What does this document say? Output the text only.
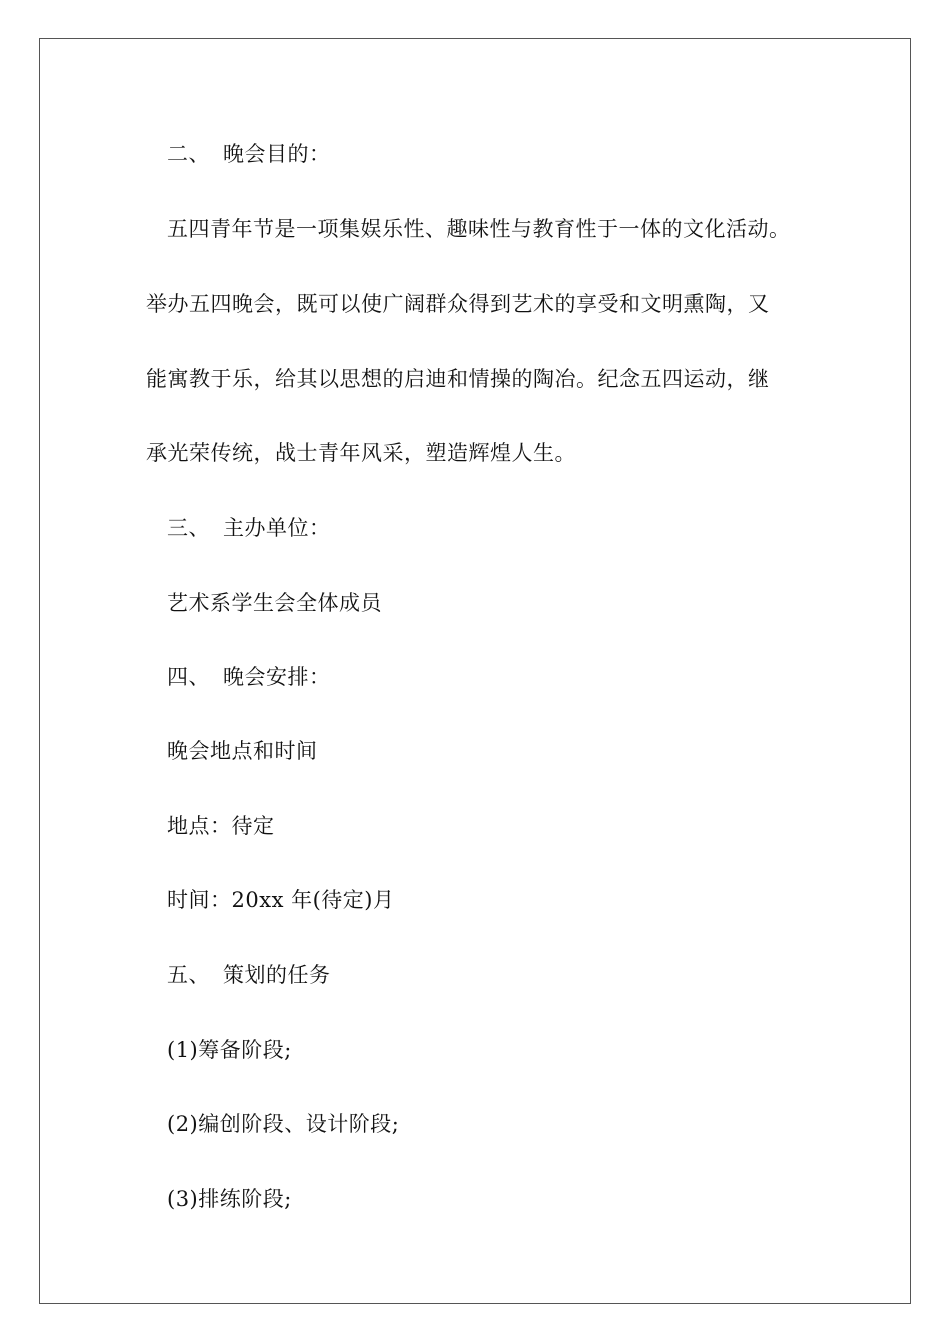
二、 晚会目的：
五四青年节是一项集娱乐性、趣味性与教育性于一体的文化活动。
举办五四晚会，既可以使广阔群众得到艺术的享受和文明熏陶，又
能寓教于乐，给其以思想的启迪和情操的陶冶。纪念五四运动，继
承光荣传统，战士青年风采，塑造辉煌人生。
三、 主办单位：
艺术系学生会全体成员
四、 晚会安排：
晚会地点和时间
地点：待定
时间：20xx 年(待定)月
五、 策划的任务
(1)筹备阶段;
(2)编创阶段、设计阶段;
(3)排练阶段;
